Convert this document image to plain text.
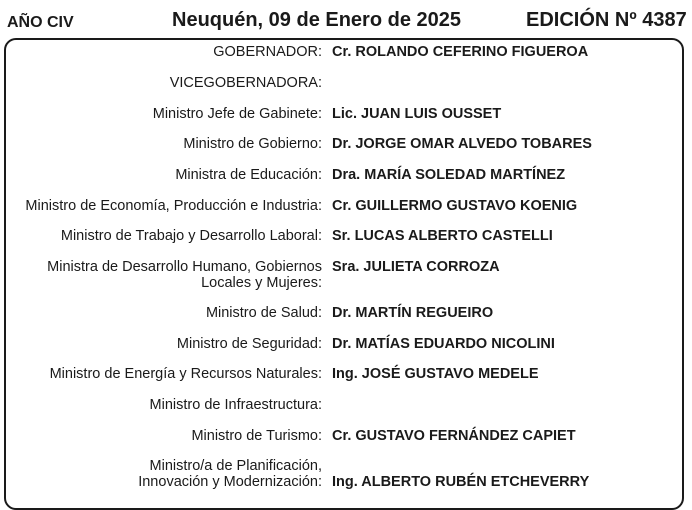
AÑO CIV	Neuquén, 09 de Enero de 2025	EDICIÓN Nº 4387
GOBERNADOR: Cr. ROLANDO CEFERINO FIGUEROA
VICEGOBERNADORA:
Ministro Jefe de Gabinete: Lic. JUAN LUIS OUSSET
Ministro de Gobierno: Dr. JORGE OMAR ALVEDO TOBARES
Ministra de Educación: Dra. MARÍA SOLEDAD MARTÍNEZ
Ministro de Economía, Producción e Industria: Cr. GUILLERMO GUSTAVO KOENIG
Ministro de Trabajo y Desarrollo Laboral: Sr. LUCAS ALBERTO CASTELLI
Ministra de Desarrollo Humano, Gobiernos
Locales y Mujeres:
Sra. JULIETA CORROZA
Ministro de Salud: Dr. MARTÍN REGUEIRO
Ministro de Seguridad: Dr. MATÍAS EDUARDO NICOLINI
Ministro de Energía y Recursos Naturales: Ing. JOSÉ GUSTAVO MEDELE
Ministro de Infraestructura:
Ministro de Turismo: Cr. GUSTAVO FERNÁNDEZ CAPIET
Ministro/a de Planificación,
Innovación y Modernización: Ing. ALBERTO RUBÉN ETCHEVERRY
